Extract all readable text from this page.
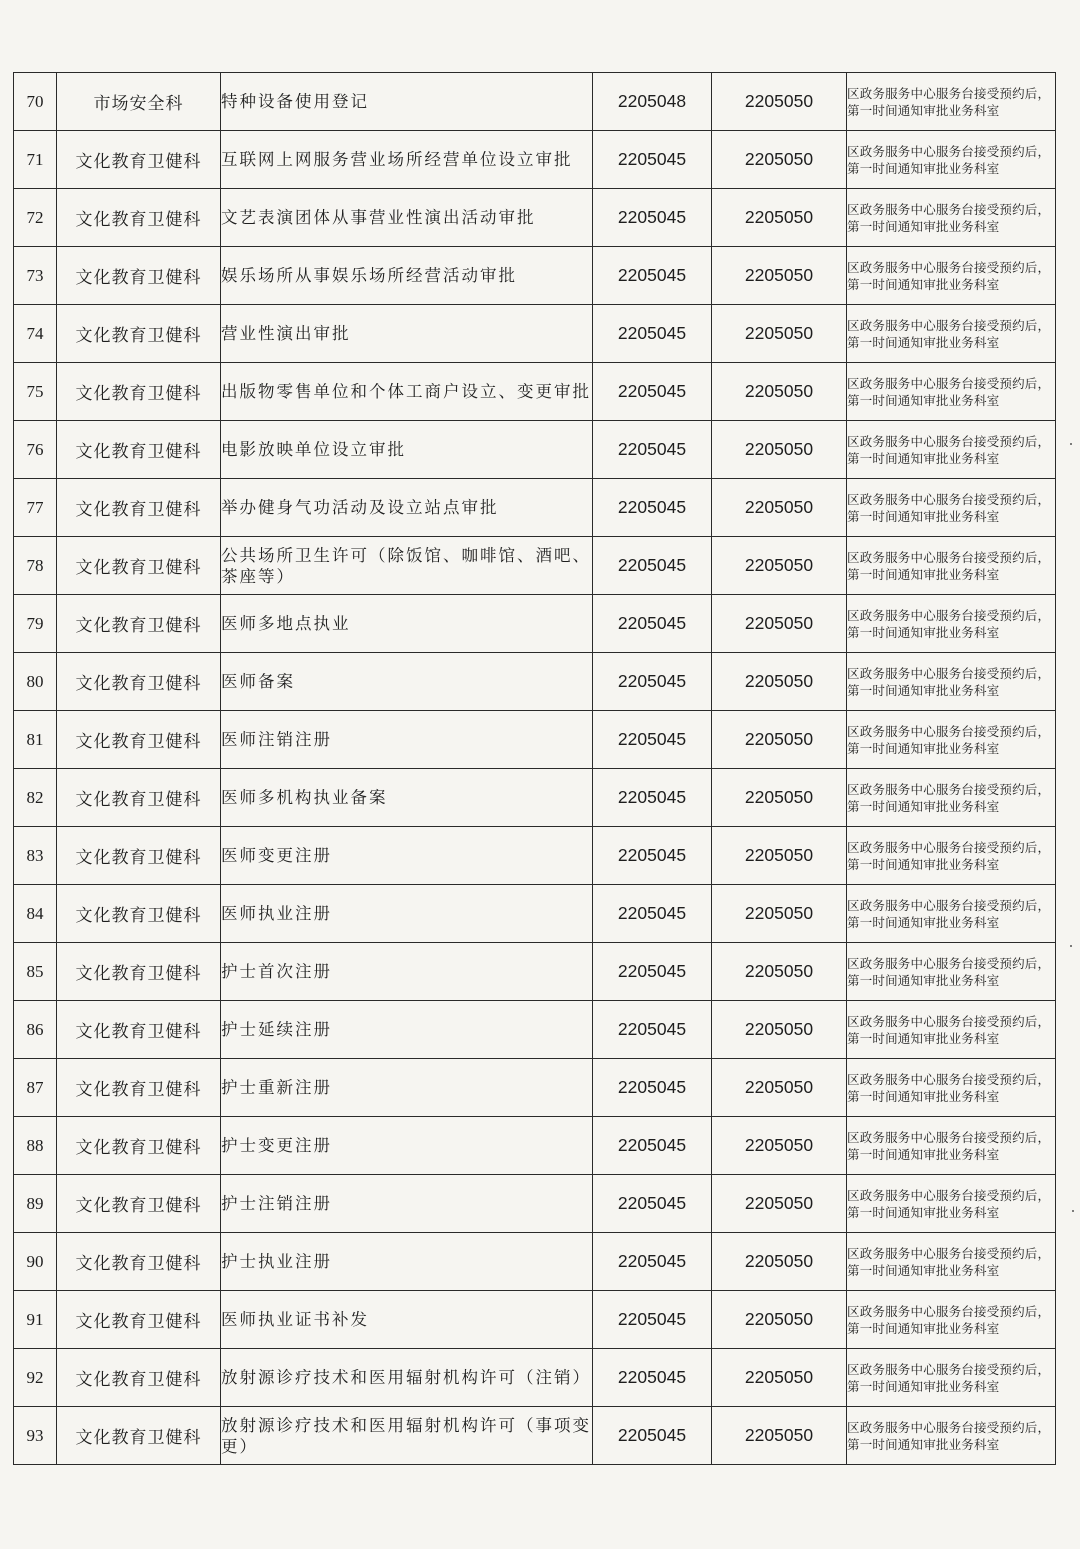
70	市场安全科	特种设备使用登记	2205048	2205050	区政务服务中心服务台接受预约后，第一时间通知审批业务科室
71	文化教育卫健科	互联网上网服务营业场所经营单位设立审批	2205045	2205050	区政务服务中心服务台接受预约后，第一时间通知审批业务科室
72	文化教育卫健科	文艺表演团体从事营业性演出活动审批	2205045	2205050	区政务服务中心服务台接受预约后，第一时间通知审批业务科室
73	文化教育卫健科	娱乐场所从事娱乐场所经营活动审批	2205045	2205050	区政务服务中心服务台接受预约后，第一时间通知审批业务科室
74	文化教育卫健科	营业性演出审批	2205045	2205050	区政务服务中心服务台接受预约后，第一时间通知审批业务科室
75	文化教育卫健科	出版物零售单位和个体工商户设立、变更审批	2205045	2205050	区政务服务中心服务台接受预约后，第一时间通知审批业务科室
76	文化教育卫健科	电影放映单位设立审批	2205045	2205050	区政务服务中心服务台接受预约后，第一时间通知审批业务科室
77	文化教育卫健科	举办健身气功活动及设立站点审批	2205045	2205050	区政务服务中心服务台接受预约后，第一时间通知审批业务科室
78	文化教育卫健科	公共场所卫生许可（除饭馆、咖啡馆、酒吧、茶座等）	2205045	2205050	区政务服务中心服务台接受预约后，第一时间通知审批业务科室
79	文化教育卫健科	医师多地点执业	2205045	2205050	区政务服务中心服务台接受预约后，第一时间通知审批业务科室
80	文化教育卫健科	医师备案	2205045	2205050	区政务服务中心服务台接受预约后，第一时间通知审批业务科室
81	文化教育卫健科	医师注销注册	2205045	2205050	区政务服务中心服务台接受预约后，第一时间通知审批业务科室
82	文化教育卫健科	医师多机构执业备案	2205045	2205050	区政务服务中心服务台接受预约后，第一时间通知审批业务科室
83	文化教育卫健科	医师变更注册	2205045	2205050	区政务服务中心服务台接受预约后，第一时间通知审批业务科室
84	文化教育卫健科	医师执业注册	2205045	2205050	区政务服务中心服务台接受预约后，第一时间通知审批业务科室
85	文化教育卫健科	护士首次注册	2205045	2205050	区政务服务中心服务台接受预约后，第一时间通知审批业务科室
86	文化教育卫健科	护士延续注册	2205045	2205050	区政务服务中心服务台接受预约后，第一时间通知审批业务科室
87	文化教育卫健科	护士重新注册	2205045	2205050	区政务服务中心服务台接受预约后，第一时间通知审批业务科室
88	文化教育卫健科	护士变更注册	2205045	2205050	区政务服务中心服务台接受预约后，第一时间通知审批业务科室
89	文化教育卫健科	护士注销注册	2205045	2205050	区政务服务中心服务台接受预约后，第一时间通知审批业务科室
90	文化教育卫健科	护士执业注册	2205045	2205050	区政务服务中心服务台接受预约后，第一时间通知审批业务科室
91	文化教育卫健科	医师执业证书补发	2205045	2205050	区政务服务中心服务台接受预约后，第一时间通知审批业务科室
92	文化教育卫健科	放射源诊疗技术和医用辐射机构许可（注销）	2205045	2205050	区政务服务中心服务台接受预约后，第一时间通知审批业务科室
93	文化教育卫健科	放射源诊疗技术和医用辐射机构许可（事项变更）	2205045	2205050	区政务服务中心服务台接受预约后，第一时间通知审批业务科室
